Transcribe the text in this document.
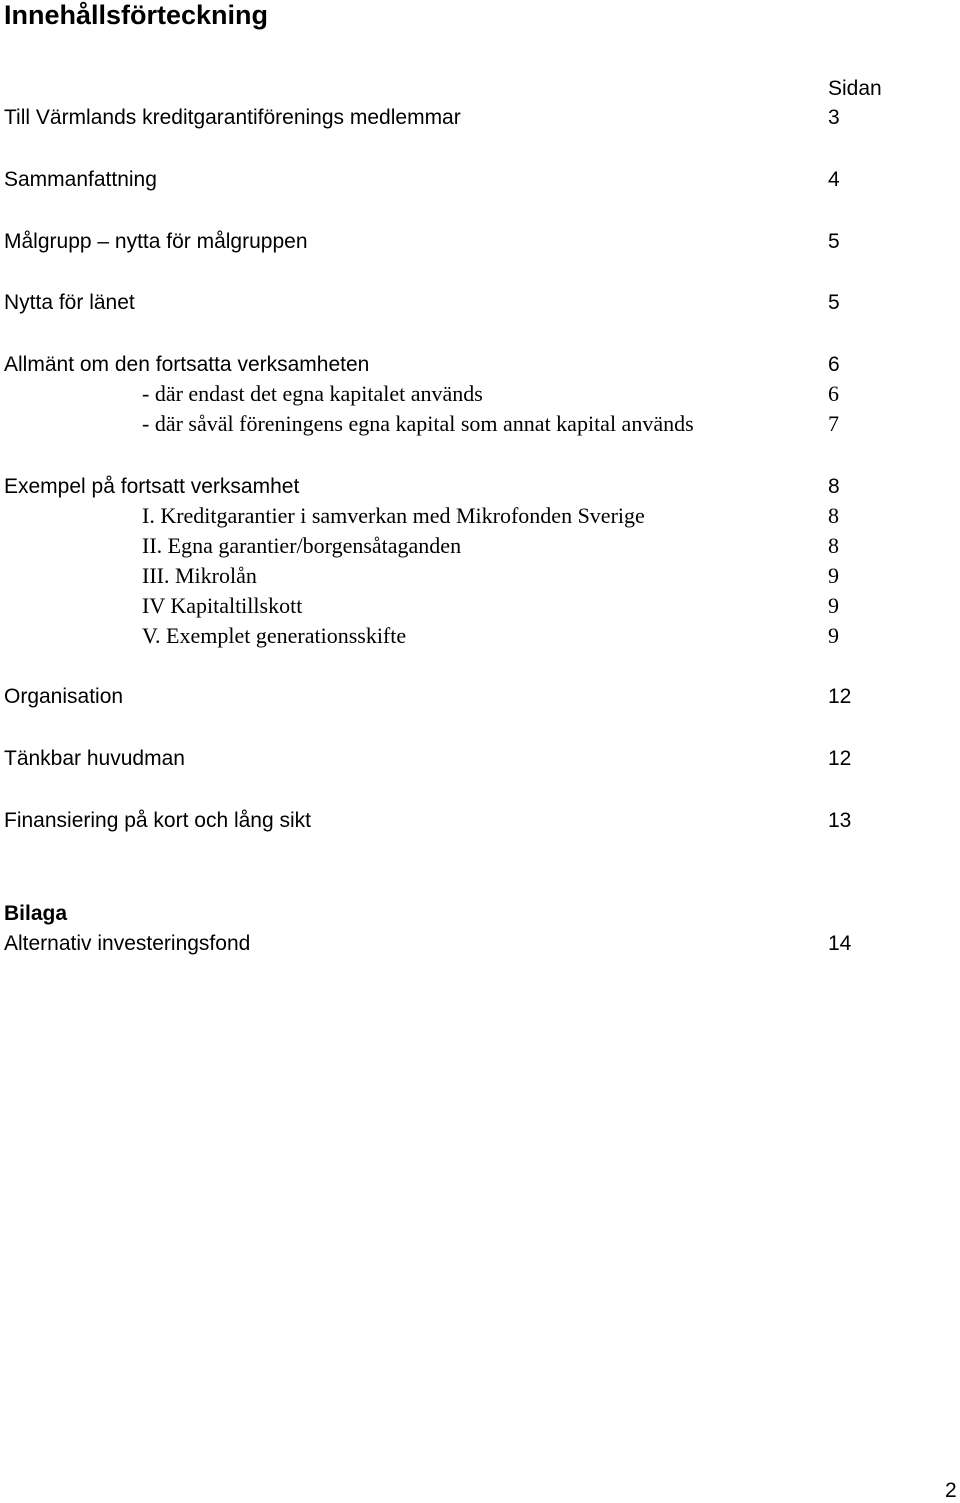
Innehållsförteckning
Sidan
Till Värmlands kreditgarantiförenings medlemmar	3
Sammanfattning	4
Målgrupp – nytta för målgruppen	5
Nytta för länet	5
Allmänt om den fortsatta verksamheten	6
- där endast det egna kapitalet används	6
- där såväl föreningens egna kapital som annat kapital används	7
Exempel på fortsatt verksamhet	8
I. Kreditgarantier i samverkan med Mikrofonden Sverige	8
II. Egna garantier/borgensåtaganden	8
III. Mikrolån	9
IV Kapitaltillskott	9
V. Exemplet generationsskifte	9
Organisation	12
Tänkbar huvudman	12
Finansiering på kort och lång sikt	13
Bilaga
Alternativ investeringsfond	14
2
